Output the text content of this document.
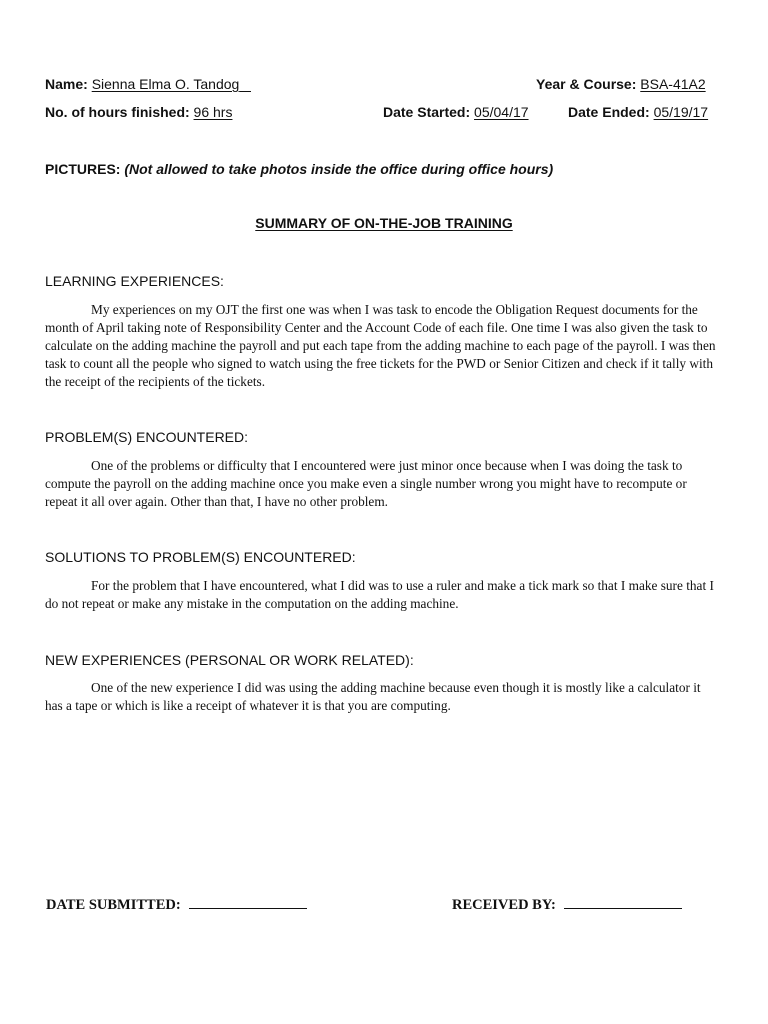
Name: Sienna Elma O. Tandog	Year & Course: BSA-41A2
No. of hours finished: 96 hrs	Date Started: 05/04/17	Date Ended: 05/19/17
PICTURES: (Not allowed to take photos inside the office during office hours)
SUMMARY OF ON-THE-JOB TRAINING
LEARNING EXPERIENCES:
My experiences on my OJT the first one was when I was task to encode the Obligation Request documents for the month of April taking note of Responsibility Center and the Account Code of each file. One time I was also given the task to calculate on the adding machine the payroll and put each tape from the adding machine to each page of the payroll. I was then task to count all the people who signed to watch using the free tickets for the PWD or Senior Citizen and check if it tally with the receipt of the recipients of the tickets.
PROBLEM(S) ENCOUNTERED:
One of the problems or difficulty that I encountered were just minor once because when I was doing the task to compute the payroll on the adding machine once you make even a single number wrong you might have to recompute or repeat it all over again. Other than that, I have no other problem.
SOLUTIONS TO PROBLEM(S) ENCOUNTERED:
For the problem that I have encountered, what I did was to use a ruler and make a tick mark so that I make sure that I do not repeat or make any mistake in the computation on the adding machine.
NEW EXPERIENCES (PERSONAL OR WORK RELATED):
One of the new experience I did was using the adding machine because even though it is mostly like a calculator it has a tape or which is like a receipt of whatever it is that you are computing.
DATE SUBMITTED:	RECEIVED BY:
